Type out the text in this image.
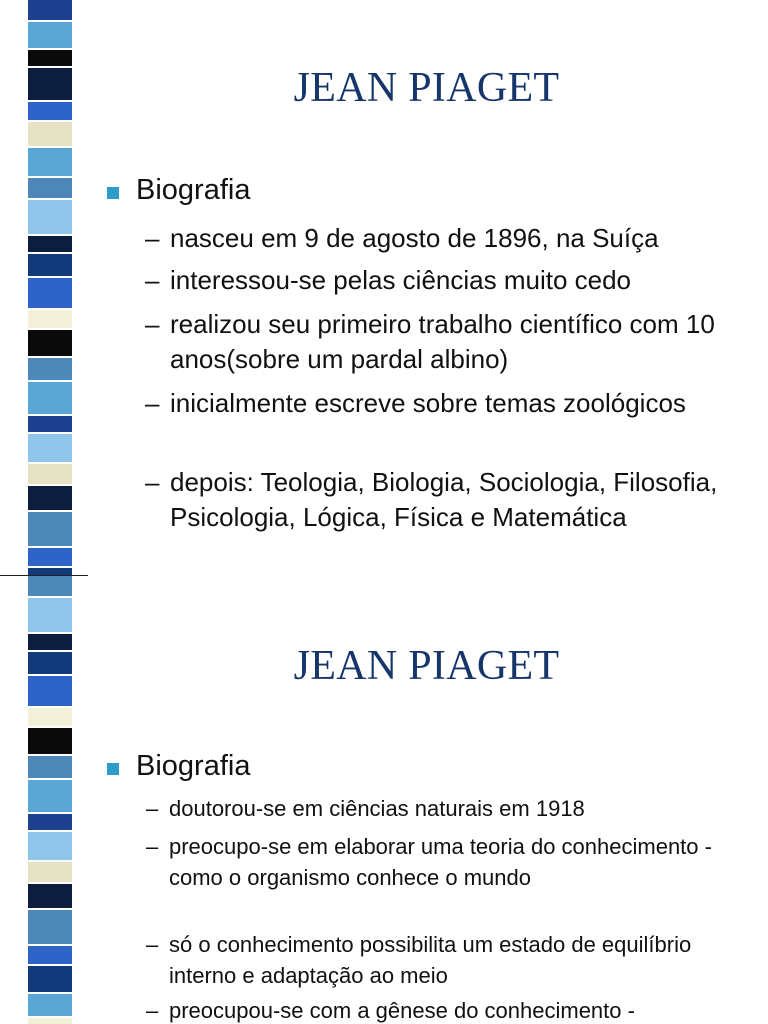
JEAN PIAGET

Biografia

– nasceu em 9 de agosto de 1896, na Suíça

– interessou-se pelas ciências muito cedo

– realizou seu primeiro trabalho científico com 10 anos(sobre um pardal albino)

– inicialmente escreve sobre temas zoológicos

– depois: Teologia, Biologia, Sociologia, Filosofia, Psicologia, Lógica, Física e Matemática

JEAN PIAGET

Biografia

– doutorou-se em ciências naturais em 1918

– preocupo-se em elaborar uma teoria do conhecimento - como o organismo conhece o mundo

– só o conhecimento possibilita um estado de equilíbrio interno e adaptação ao meio

– preocupou-se com a gênese do conhecimento -
